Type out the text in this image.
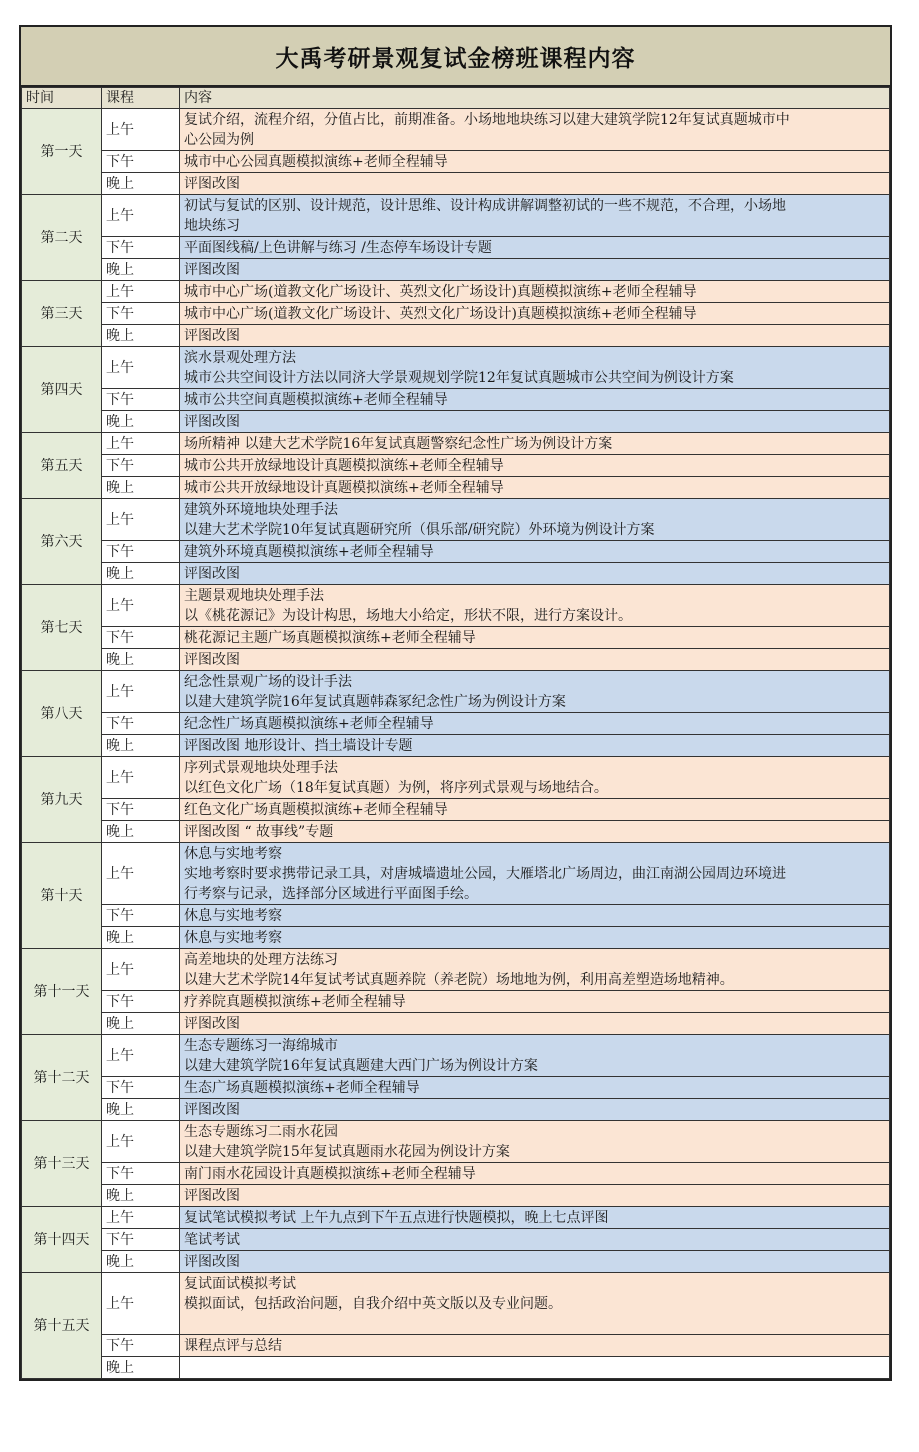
大禹考研景观复试金榜班课程内容
时间	课程	内容
第一天	上午	复试介绍，流程介绍，分值占比，前期准备。小场地地块练习以建大建筑学院12年复试真题城市中
心公园为例

	下午	城市中心公园真题模拟演练+老师全程辅导

	晚上	评图改图

第二天	上午	初试与复试的区别、设计规范，设计思维、设计构成讲解调整初试的一些不规范，不合理，小场地
地块练习

	下午	平面图线稿/上色讲解与练习 /生态停车场设计专题

	晚上	评图改图

第三天	上午	城市中心广场(道教文化广场设计、英烈文化广场设计)真题模拟演练+老师全程辅导

	下午	城市中心广场(道教文化广场设计、英烈文化广场设计)真题模拟演练+老师全程辅导

	晚上	评图改图

第四天	上午	滨水景观处理方法
城市公共空间设计方法以同济大学景观规划学院12年复试真题城市公共空间为例设计方案

	下午	城市公共空间真题模拟演练+老师全程辅导

	晚上	评图改图

第五天	上午	场所精神 以建大艺术学院16年复试真题警察纪念性广场为例设计方案

	下午	城市公共开放绿地设计真题模拟演练+老师全程辅导

	晚上	城市公共开放绿地设计真题模拟演练+老师全程辅导

第六天	上午	建筑外环境地块处理手法
以建大艺术学院10年复试真题研究所（俱乐部/研究院）外环境为例设计方案

	下午	建筑外环境真题模拟演练+老师全程辅导

	晚上	评图改图

第七天	上午	主题景观地块处理手法
以《桃花源记》为设计构思，场地大小给定，形状不限，进行方案设计。

	下午	桃花源记主题广场真题模拟演练+老师全程辅导

	晚上	评图改图

第八天	上午	纪念性景观广场的设计手法
以建大建筑学院16年复试真题韩森冢纪念性广场为例设计方案

	下午	纪念性广场真题模拟演练+老师全程辅导

	晚上	评图改图 地形设计、挡土墙设计专题

第九天	上午	序列式景观地块处理手法
以红色文化广场（18年复试真题）为例，将序列式景观与场地结合。

	下午	红色文化广场真题模拟演练+老师全程辅导

	晚上	评图改图 “ 故事线”专题

第十天	上午	休息与实地考察
实地考察时要求携带记录工具，对唐城墙遗址公园，大雁塔北广场周边，曲江南湖公园周边环境进
行考察与记录，选择部分区域进行平面图手绘。

	下午	休息与实地考察

	晚上	休息与实地考察

第十一天	上午	高差地块的处理方法练习
以建大艺术学院14年复试考试真题养院（养老院）场地地为例，利用高差塑造场地精神。

	下午	疗养院真题模拟演练+老师全程辅导

	晚上	评图改图

第十二天	上午	生态专题练习一海绵城市
以建大建筑学院16年复试真题建大西门广场为例设计方案

	下午	生态广场真题模拟演练+老师全程辅导

	晚上	评图改图

第十三天	上午	生态专题练习二雨水花园
以建大建筑学院15年复试真题雨水花园为例设计方案

	下午	南门雨水花园设计真题模拟演练+老师全程辅导

	晚上	评图改图

第十四天	上午	复试笔试模拟考试 上午九点到下午五点进行快题模拟，晚上七点评图

	下午	笔试考试

	晚上	评图改图

第十五天	上午	复试面试模拟考试
模拟面试，包括政治问题，自我介绍中英文版以及专业问题。

	下午	课程点评与总结

	晚上	
